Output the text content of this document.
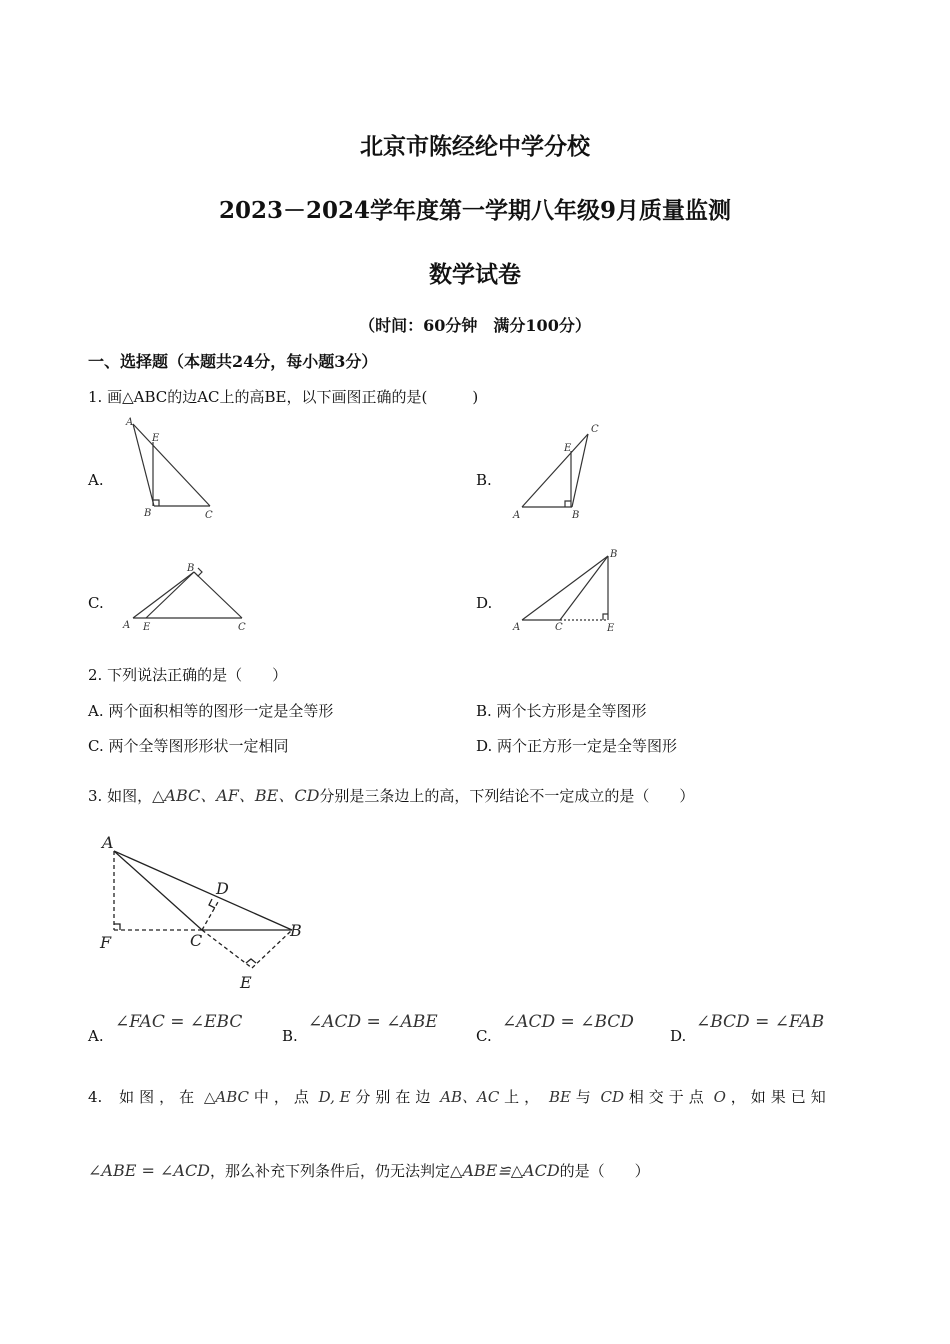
北京市陈经纶中学分校
2023－2024学年度第一学期八年级9月质量监测
数学试卷
（时间：60分钟　满分100分）
一、选择题（本题共24分，每小题3分）
1. 画△ABC的边AC上的高BE，以下画图正确的是(　　　)
A.
A
E
B	C
B.
C
E
A	B
C.
B
A E	C
D.
B
A	C	E
2. 下列说法正确的是（　　）
A. 两个面积相等的图形一定是全等形	B. 两个长方形是全等图形
C. 两个全等图形形状一定相同	D. 两个正方形一定是全等图形
3. 如图，△ABC、AF、BE、CD分别是三条边上的高，下列结论不一定成立的是（　　）
A
D
B
C
F
E
A.
∠FAC = ∠EBC
B.
∠ACD = ∠ABE
C.
∠ACD = ∠BCD
D.
∠BCD = ∠FAB
4. 如图，在 △ABC 中，点 D, E 分别在边 AB、AC 上， BE 与 CD 相交于点 O ，如果已知
∠ABE = ∠ACD，那么补充下列条件后，仍无法判定△ABE≌△ACD的是（　　）
